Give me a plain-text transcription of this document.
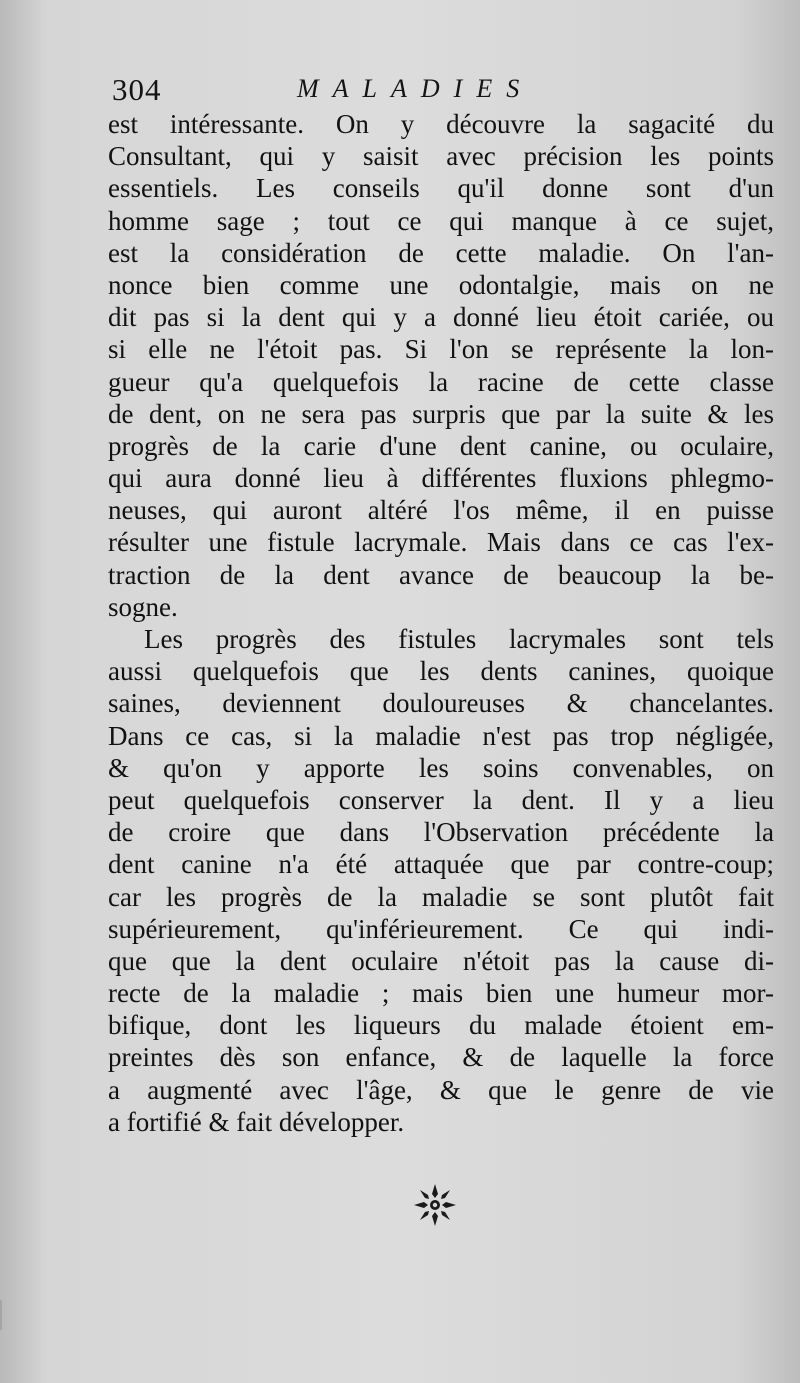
304	MALADIES
est intéressante. On y découvre la sagacité du
Consultant, qui y saisit avec précision les points
essentiels. Les conseils qu'il donne sont d'un
homme sage ; tout ce qui manque à ce sujet,
est la considération de cette maladie. On l'an-
nonce bien comme une odontalgie, mais on ne
dit pas si la dent qui y a donné lieu étoit cariée, ou
si elle ne l'étoit pas. Si l'on se représente la lon-
gueur qu'a quelquefois la racine de cette classe
de dent, on ne sera pas surpris que par la suite & les
progrès de la carie d'une dent canine, ou oculaire,
qui aura donné lieu à différentes fluxions phlegmo-
neuses, qui auront altéré l'os même, il en puisse
résulter une fistule lacrymale. Mais dans ce cas l'ex-
traction de la dent avance de beaucoup la be-
sogne.
Les progrès des fistules lacrymales sont tels
aussi quelquefois que les dents canines, quoique
saines, deviennent douloureuses & chancelantes.
Dans ce cas, si la maladie n'est pas trop négligée,
& qu'on y apporte les soins convenables, on
peut quelquefois conserver la dent. Il y a lieu
de croire que dans l'Observation précédente la
dent canine n'a été attaquée que par contre-coup;
car les progrès de la maladie se sont plutôt fait
supérieurement, qu'inférieurement. Ce qui indi-
que que la dent oculaire n'étoit pas la cause di-
recte de la maladie ; mais bien une humeur mor-
bifique, dont les liqueurs du malade étoient em-
preintes dès son enfance, & de laquelle la force
a augmenté avec l'âge, & que le genre de vie
a fortifié & fait développer.
